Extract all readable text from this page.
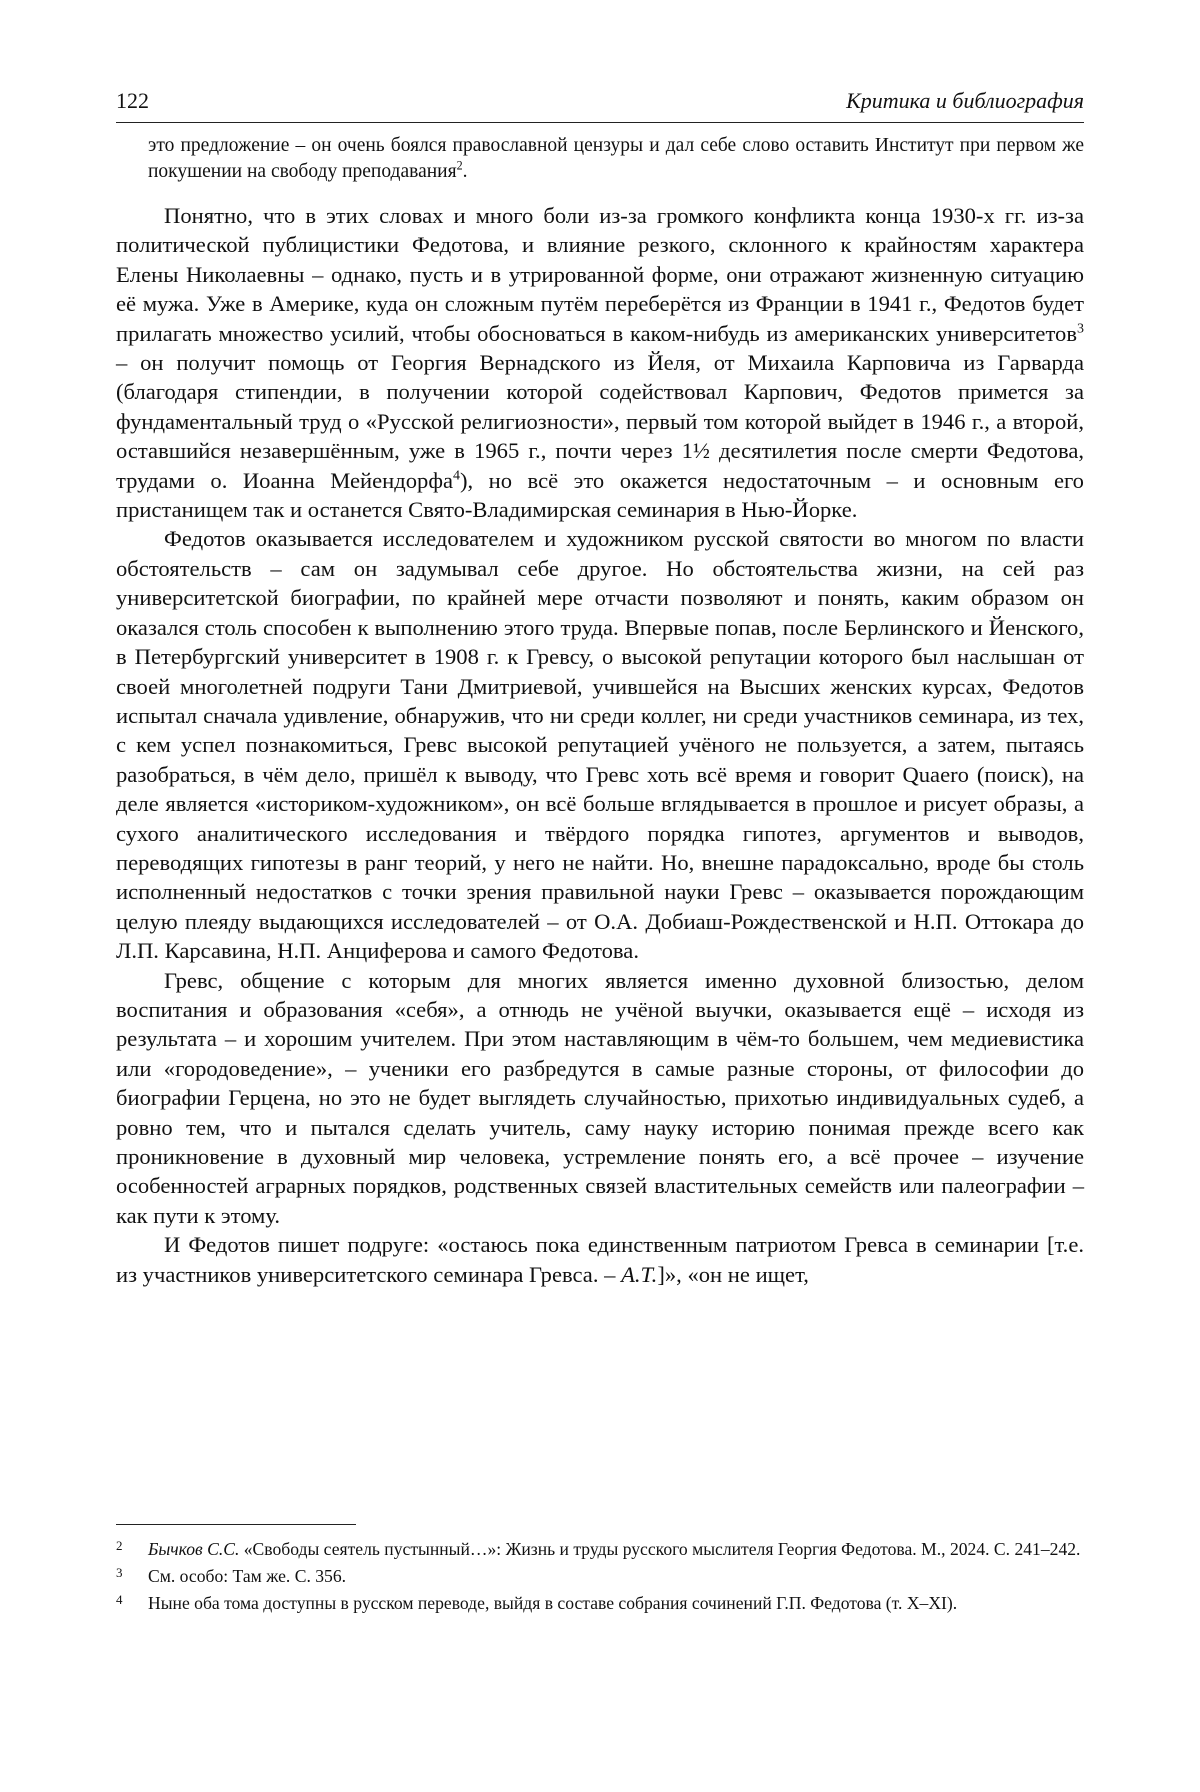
122	Критика и библиография
это предложение – он очень боялся православной цензуры и дал себе слово оставить Институт при первом же покушении на свободу преподавания$^2$.

Понятно, что в этих словах и много боли из-за громкого конфликта конца 1930-х гг. из-за политической публицистики Федотова, и влияние резкого, склонного к крайностям характера Елены Николаевны – однако, пусть и в утрированной форме, они отражают жизненную ситуацию её мужа. Уже в Америке, куда он сложным путём переберётся из Франции в 1941 г., Федотов будет прилагать множество усилий, чтобы обосноваться в каком-нибудь из американских университетов$^3$ – он получит помощь от Георгия Вернадского из Йеля, от Михаила Карповича из Гарварда (благодаря стипендии, в получении которой содействовал Карпович, Федотов примется за фундаментальный труд о «Русской религиозности», первый том которой выйдет в 1946 г., а второй, оставшийся незавершённым, уже в 1965 г., почти через 1½ десятилетия после смерти Федотова, трудами о. Иоанна Мейендорфа$^4$), но всё это окажется недостаточным – и основным его пристанищем так и останется Свято-Владимирская семинария в Нью-Йорке.

Федотов оказывается исследователем и художником русской святости во многом по власти обстоятельств – сам он задумывал себе другое. Но обстоятельства жизни, на сей раз университетской биографии, по крайней мере отчасти позволяют и понять, каким образом он оказался столь способен к выполнению этого труда. Впервые попав, после Берлинского и Йенского, в Петербургский университет в 1908 г. к Гревсу, о высокой репутации которого был наслышан от своей многолетней подруги Тани Дмитриевой, учившейся на Высших женских курсах, Федотов испытал сначала удивление, обнаружив, что ни среди коллег, ни среди участников семинара, из тех, с кем успел познакомиться, Гревс высокой репутацией учёного не пользуется, а затем, пытаясь разобраться, в чём дело, пришёл к выводу, что Гревс хоть всё время и говорит Quaero (поиск), на деле является «историком-художником», он всё больше вглядывается в прошлое и рисует образы, а сухого аналитического исследования и твёрдого порядка гипотез, аргументов и выводов, переводящих гипотезы в ранг теорий, у него не найти. Но, внешне парадоксально, вроде бы столь исполненный недостатков с точки зрения правильной науки Гревс – оказывается порождающим целую плеяду выдающихся исследователей – от О.А. Добиаш-Рождественской и Н.П. Оттокара до Л.П. Карсавина, Н.П. Анциферова и самого Федотова.

Гревс, общение с которым для многих является именно духовной близостью, делом воспитания и образования «себя», а отнюдь не учёной выучки, оказывается ещё – исходя из результата – и хорошим учителем. При этом наставляющим в чём-то большем, чем медиевистика или «городоведение», – ученики его разбредутся в самые разные стороны, от философии до биографии Герцена, но это не будет выглядеть случайностью, прихотью индивидуальных судеб, а ровно тем, что и пытался сделать учитель, саму науку историю понимая прежде всего как проникновение в духовный мир человека, устремление понять его, а всё прочее – изучение особенностей аграрных порядков, родственных связей властительных семейств или палеографии – как пути к этому.

И Федотов пишет подруге: «остаюсь пока единственным патриотом Гревса в семинарии [т.е. из участников университетского семинара Гревса. – А.Т.]», «он не ищет,

2	Бычков С.С. «Свободы сеятель пустынный…»: Жизнь и труды русского мыслителя Георгия Федотова. М., 2024. С. 241–242.
3	См. особо: Там же. С. 356.
4	Ныне оба тома доступны в русском переводе, выйдя в составе собрания сочинений Г.П. Федотова (т. X–XI).
